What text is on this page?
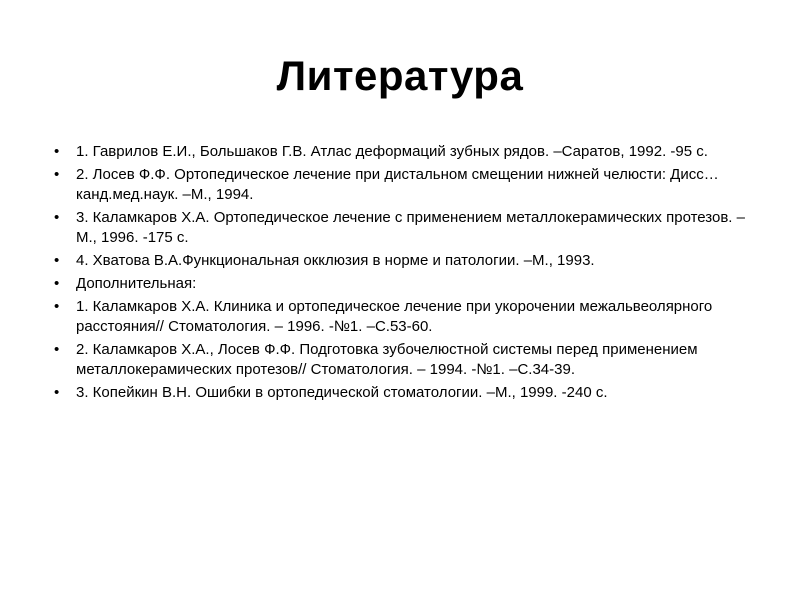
Литература
• 1. Гаврилов Е.И., Большаков Г.В. Атлас деформаций зубных рядов. –Саратов, 1992. -95 с.
• 2. Лосев Ф.Ф. Ортопедическое лечение при дистальном смещении нижней челюсти: Дисс…канд.мед.наук. –М., 1994.
• 3. Каламкаров Х.А. Ортопедическое лечение с применением металлокерамических протезов. –М., 1996. -175 с.
• 4. Хватова В.А.Функциональная окклюзия в норме и патологии. –М., 1993.
• Дополнительная:
• 1. Каламкаров Х.А. Клиника и ортопедическое лечение при укорочении межальвеолярного расстояния// Стоматология. – 1996. -№1. –С.53-60.
• 2. Каламкаров Х.А., Лосев Ф.Ф. Подготовка зубочелюстной системы перед применением металлокерамических протезов// Стоматология. – 1994. -№1. –С.34-39.
• 3. Копейкин В.Н. Ошибки в ортопедической стоматологии. –М., 1999. -240 с.
